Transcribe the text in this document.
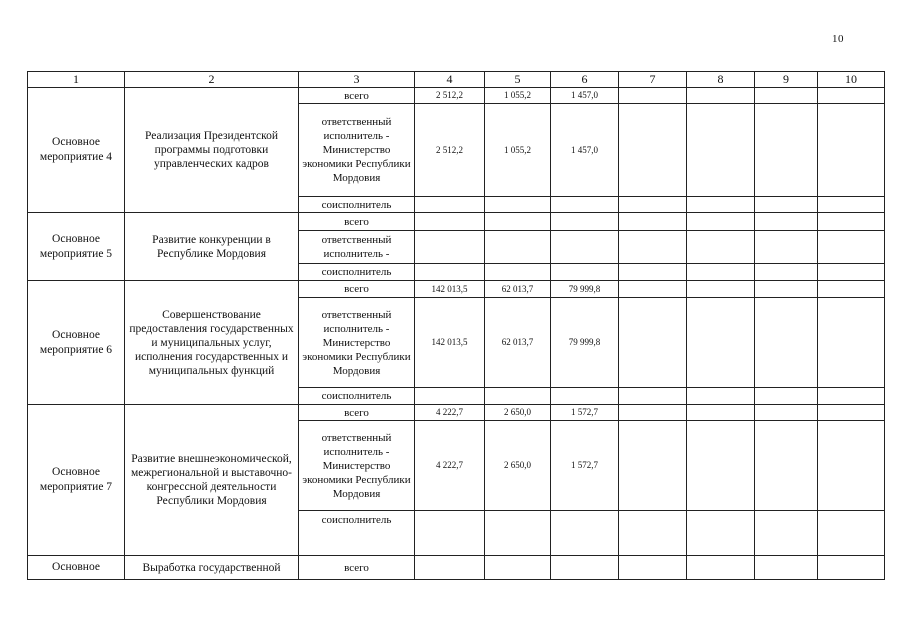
10
1	2	3	4	5	6	7	8	9	10
Основное мероприятие 4	Реализация Президентской программы подготовки управленческих кадров	всего	2 512,2	1 055,2	1 457,0				
		ответственный исполнитель - Министерство экономики Республики Мордовия	2 512,2	1 055,2	1 457,0				
		соисполнитель							
Основное мероприятие 5	Развитие конкуренции в Республике Мордовия	всего							
		ответственный исполнитель -							
		соисполнитель							
Основное мероприятие 6	Совершенствование предоставления государственных и муниципальных услуг, исполнения государственных и муниципальных функций	всего	142 013,5	62 013,7	79 999,8				
		ответственный исполнитель - Министерство экономики Республики Мордовия	142 013,5	62 013,7	79 999,8				
		соисполнитель							
Основное мероприятие 7	Развитие внешнеэкономической, межрегиональной и выставочно-конгрессной деятельности Республики Мордовия	всего	4 222,7	2 650,0	1 572,7				
		ответственный исполнитель - Министерство экономики Республики Мордовия	4 222,7	2 650,0	1 572,7				
		соисполнитель							
Основное	Выработка государственной	всего							
